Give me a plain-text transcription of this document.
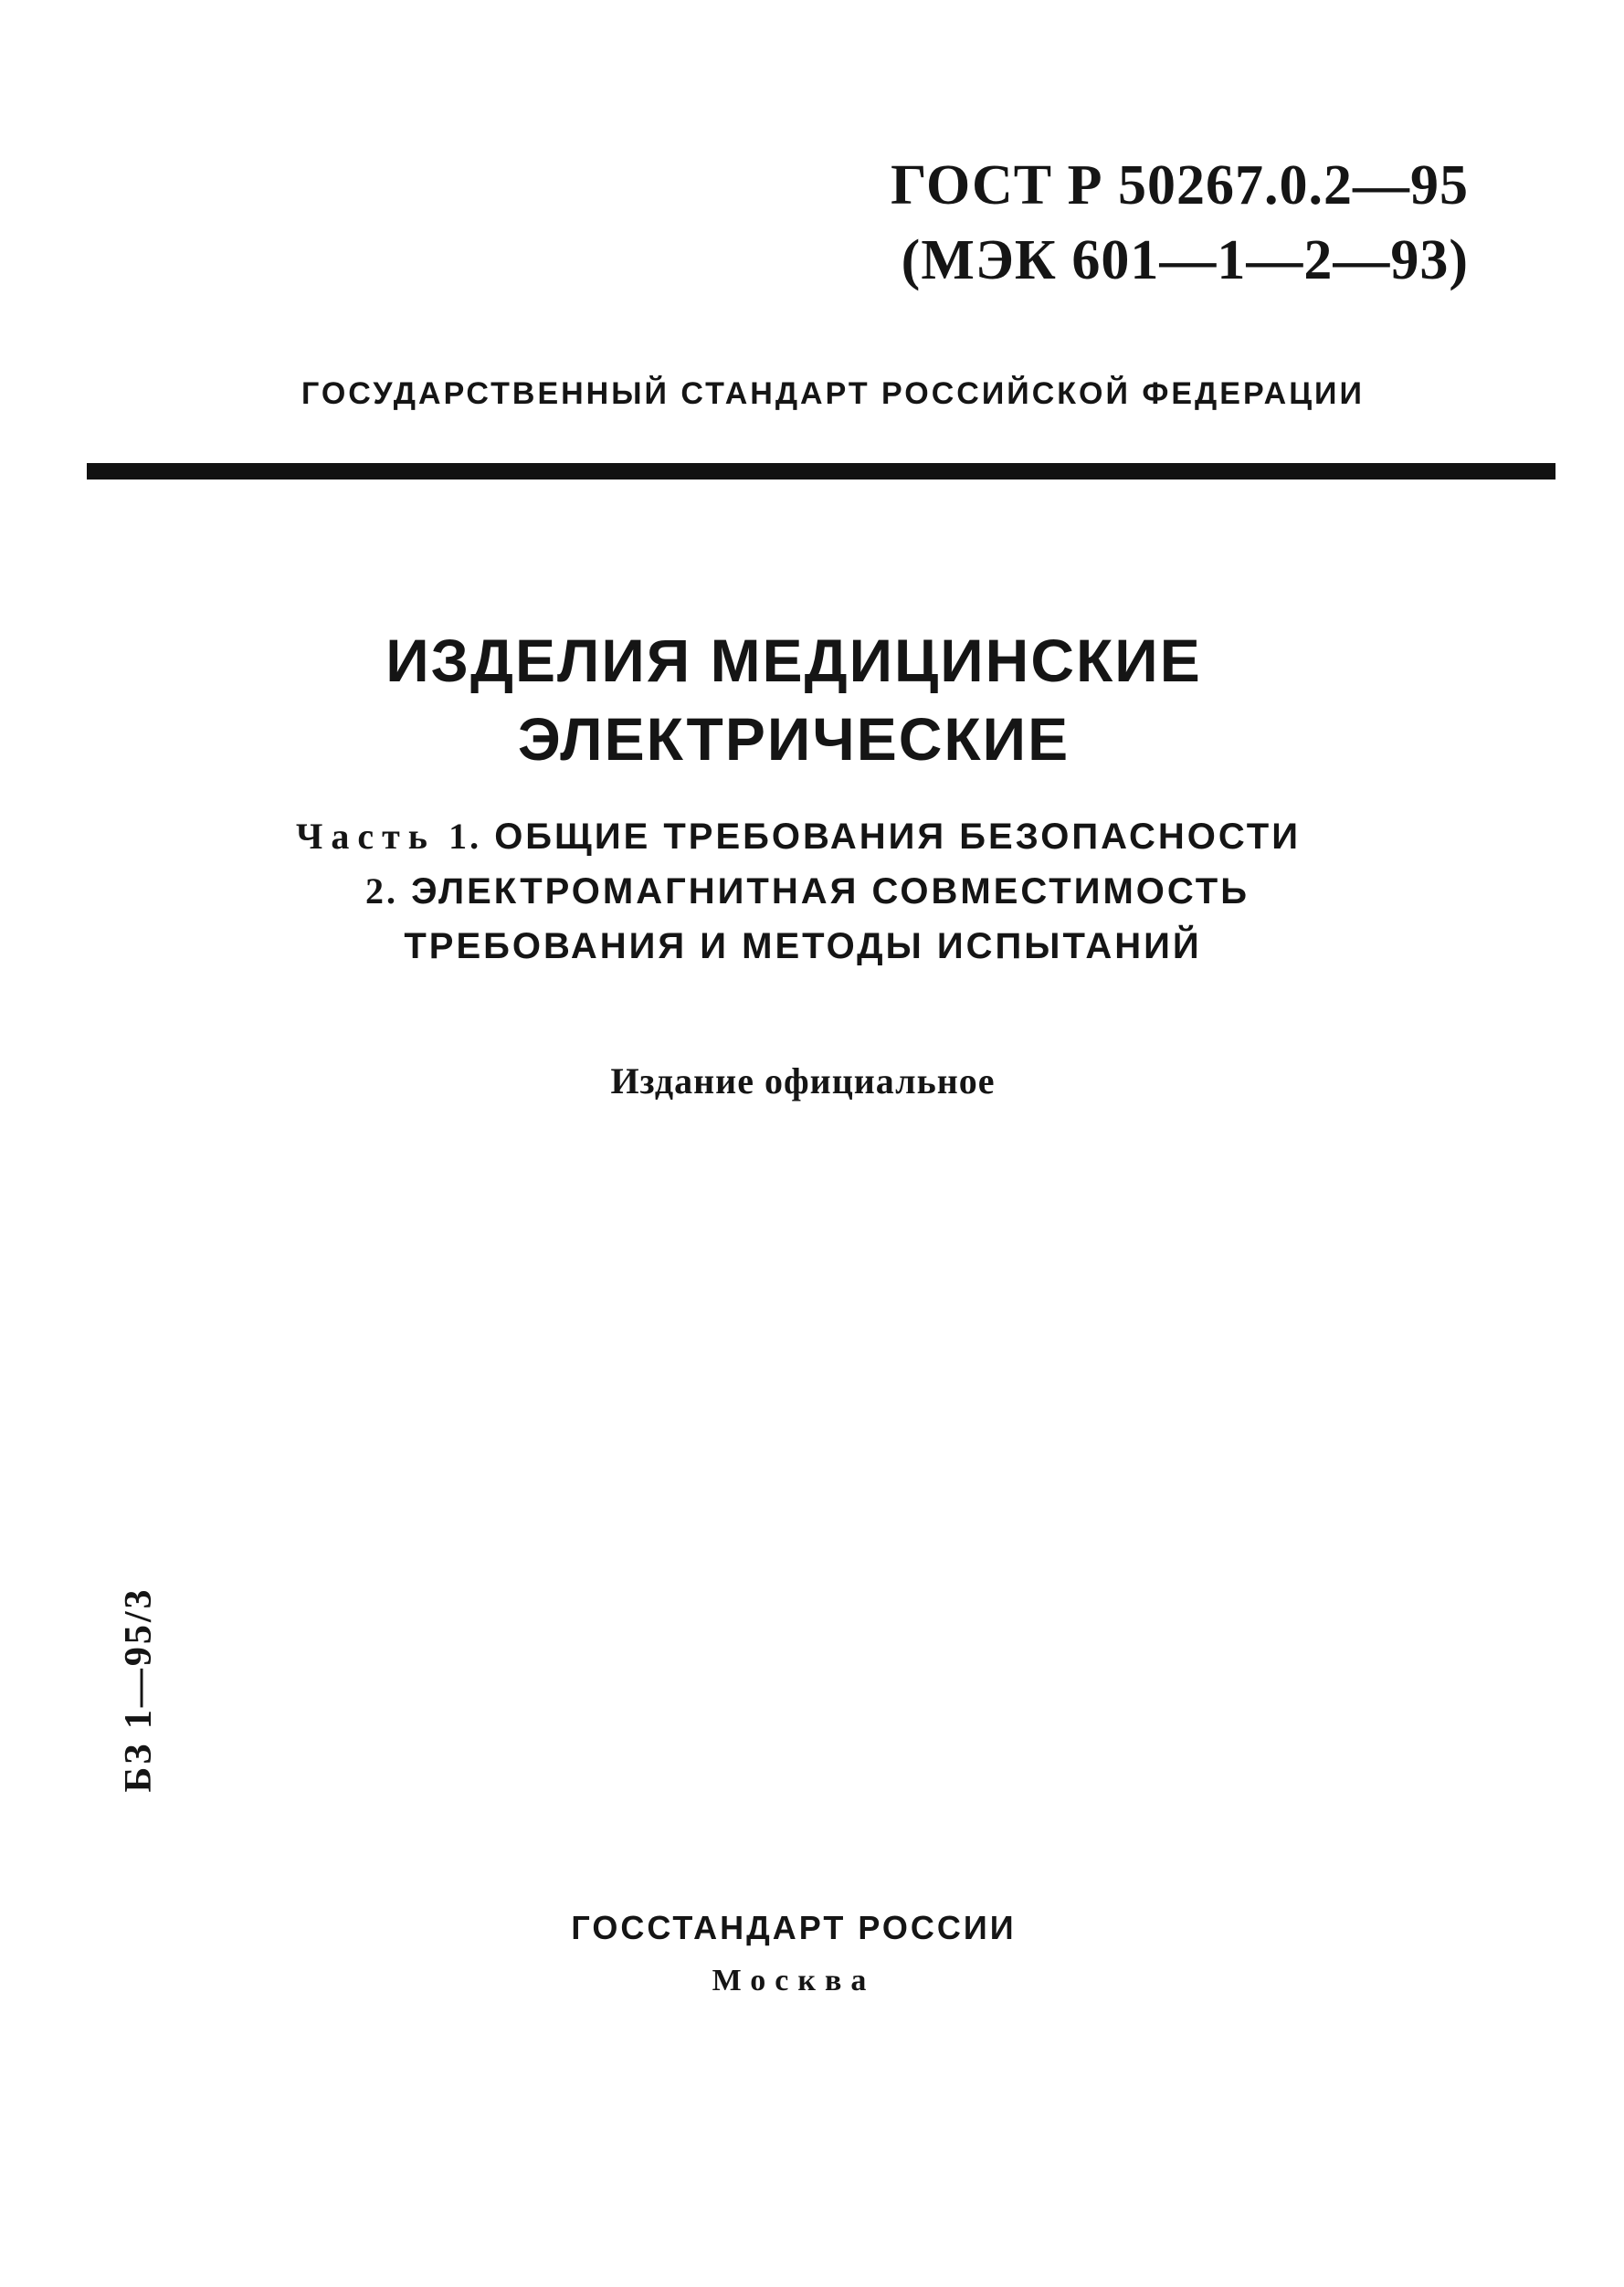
ГОСТ Р 50267.0.2—95
(МЭК 601—1—2—93)
ГОСУДАРСТВЕННЫЙ СТАНДАРТ РОССИЙСКОЙ ФЕДЕРАЦИИ
ИЗДЕЛИЯ МЕДИЦИНСКИЕ
ЭЛЕКТРИЧЕСКИЕ
Часть 1. ОБЩИЕ ТРЕБОВАНИЯ БЕЗОПАСНОСТИ
2. ЭЛЕКТРОМАГНИТНАЯ СОВМЕСТИМОСТЬ
ТРЕБОВАНИЯ И МЕТОДЫ ИСПЫТАНИЙ
Издание официальное
БЗ 1—95/3
ГОССТАНДАРТ РОССИИ
Москва
